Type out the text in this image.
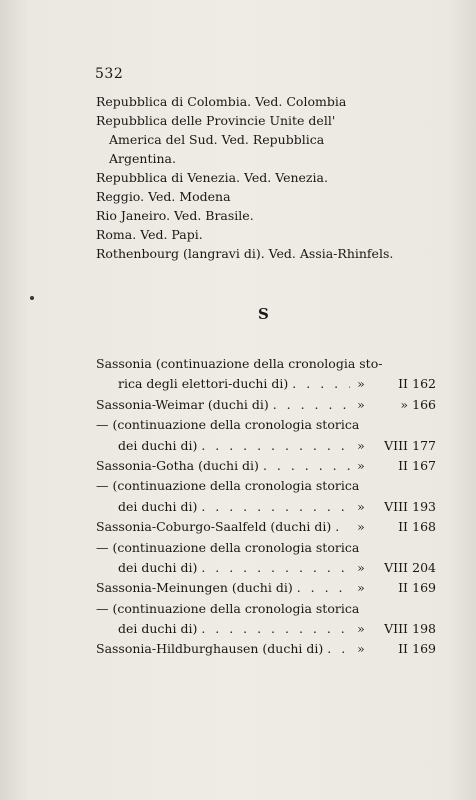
532
Repubblica di Colombia. Ved. Colombia
Repubblica delle Provincie Unite dell' America del Sud. Ved. Repubblica Argentina.
Repubblica di Venezia. Ved. Venezia.
Reggio. Ved. Modena
Rio Janeiro. Ved. Brasile.
Roma. Ved. Papi.
Rothenbourg (langravi di). Ved. Assia-Rhinfels.
S
Sassonia (continuazione della cronologia sto-
rica degli elettori-duchi di) . . .	»	II 162
Sassonia-Weimar (duchi di) . . .	»	» 166
— (continuazione della cronologia storica
dei duchi di) . . .	»	VIII 177
Sassonia-Gotha (duchi di) . . .	»	II 167
— (continuazione della cronologia storica
dei duchi di) . . .	»	VIII 193
Sassonia-Coburgo-Saalfeld (duchi di) . . .	»	II 168
— (continuazione della cronologia storica
dei duchi di) . . .	»	VIII 204
Sassonia-Meinungen (duchi di) . . .	»	II 169
— (continuazione della cronologia storica
dei duchi di) . . .	»	VIII 198
Sassonia-Hildburghausen (duchi di) . . .	»	II 169
